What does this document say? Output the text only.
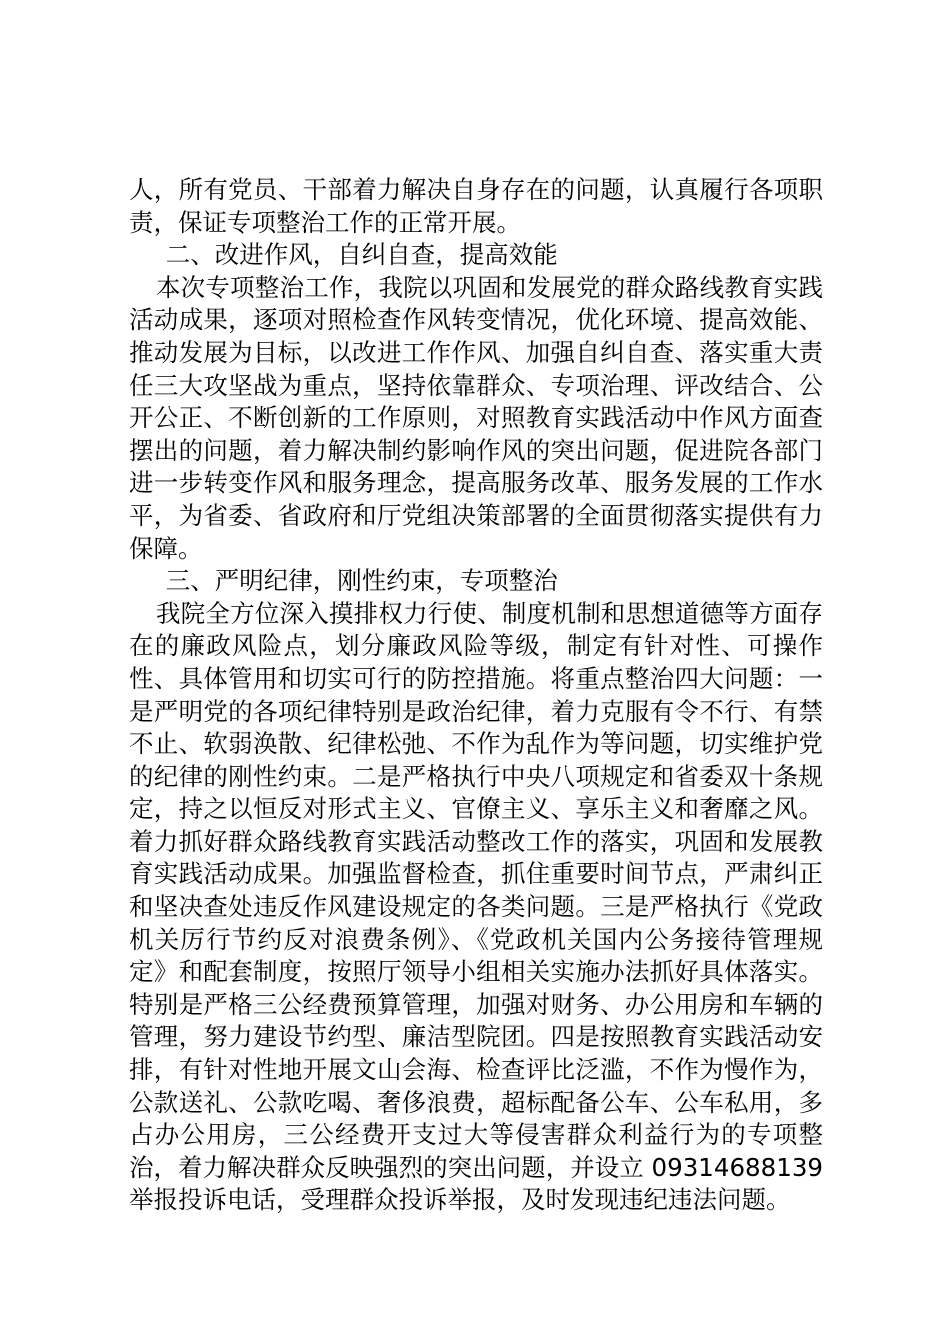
人，所有党员、干部着力解决自身存在的问题，认真履行各项职责，保证专项整治工作的正常开展。

二、改进作风，自纠自查，提高效能

本次专项整治工作，我院以巩固和发展党的群众路线教育实践活动成果，逐项对照检查作风转变情况，优化环境、提高效能、推动发展为目标，以改进工作作风、加强自纠自查、落实重大责任三大攻坚战为重点，坚持依靠群众、专项治理、评改结合、公开公正、不断创新的工作原则，对照教育实践活动中作风方面查摆出的问题，着力解决制约影响作风的突出问题，促进院各部门进一步转变作风和服务理念，提高服务改革、服务发展的工作水平，为省委、省政府和厅党组决策部署的全面贯彻落实提供有力保障。

三、严明纪律，刚性约束，专项整治

我院全方位深入摸排权力行使、制度机制和思想道德等方面存在的廉政风险点，划分廉政风险等级，制定有针对性、可操作性、具体管用和切实可行的防控措施。将重点整治四大问题：一是严明党的各项纪律特别是政治纪律，着力克服有令不行、有禁不止、软弱涣散、纪律松弛、不作为乱作为等问题，切实维护党的纪律的刚性约束。二是严格执行中央八项规定和省委双十条规定，持之以恒反对形式主义、官僚主义、享乐主义和奢靡之风。着力抓好群众路线教育实践活动整改工作的落实，巩固和发展教育实践活动成果。加强监督检查，抓住重要时间节点，严肃纠正和坚决查处违反作风建设规定的各类问题。三是严格执行《党政机关厉行节约反对浪费条例》、《党政机关国内公务接待管理规定》和配套制度，按照厅领导小组相关实施办法抓好具体落实。特别是严格三公经费预算管理，加强对财务、办公用房和车辆的管理，努力建设节约型、廉洁型院团。四是按照教育实践活动安排，有针对性地开展文山会海、检查评比泛滥，不作为慢作为，公款送礼、公款吃喝、奢侈浪费，超标配备公车、公车私用，多占办公用房，三公经费开支过大等侵害群众利益行为的专项整治，着力解决群众反映强烈的突出问题，并设立 0931468813​9 举报投诉电话，受理群众投诉举报，及时发现违纪违法问题。
